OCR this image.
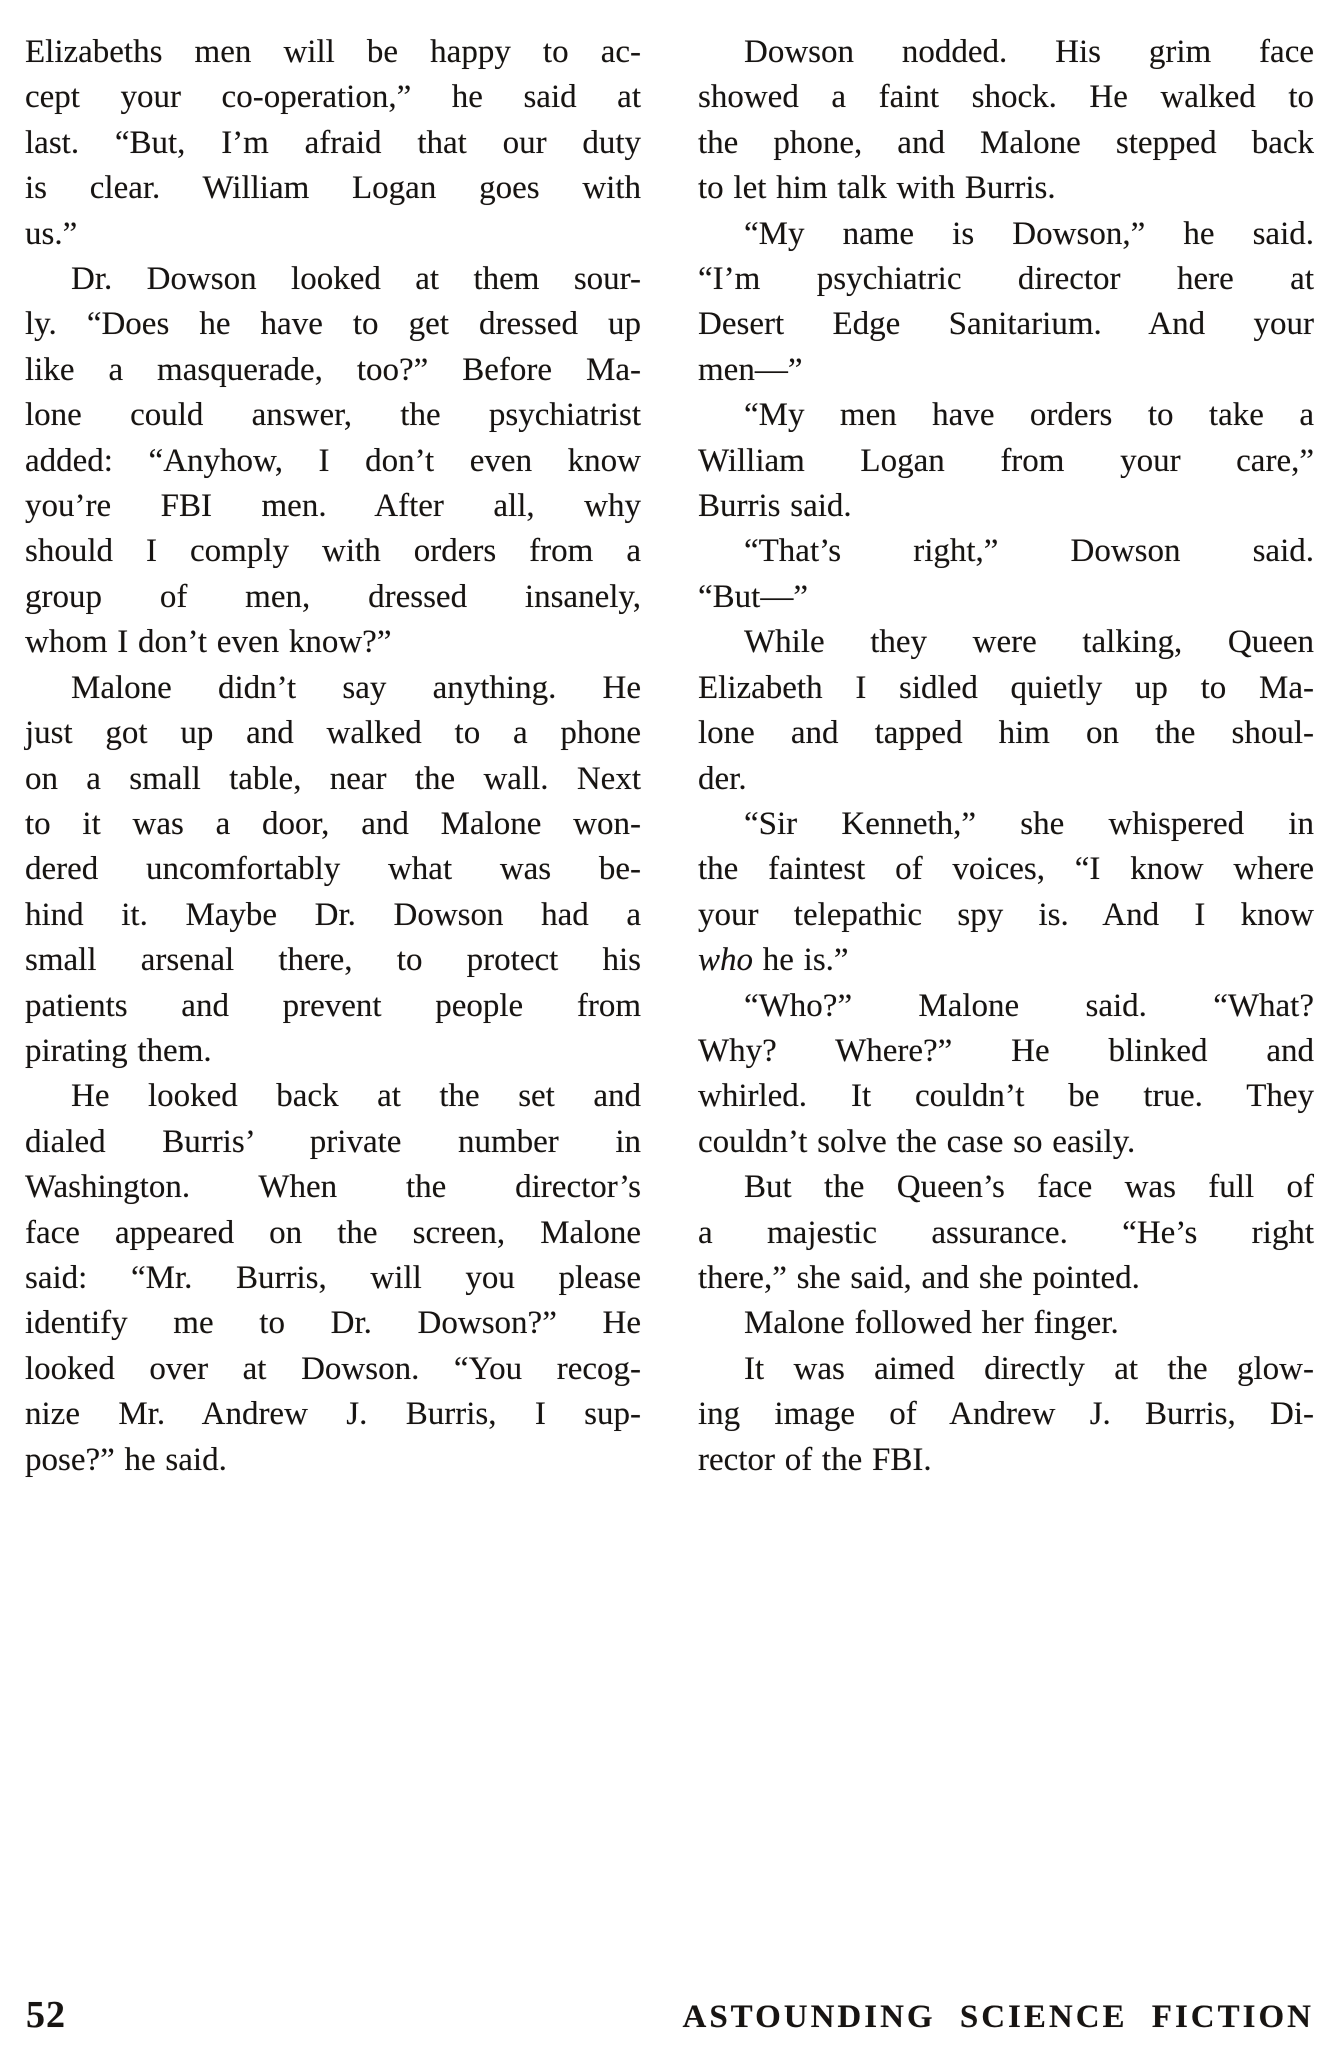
Elizabeths men will be happy to ac-
cept your co-operation,” he said at
last. “But, I’m afraid that our duty
is clear. William Logan goes with
us.”
Dr. Dowson looked at them sour-
ly. “Does he have to get dressed up
like a masquerade, too?” Before Ma-
lone could answer, the psychiatrist
added: “Anyhow, I don’t even know
you’re FBI men. After all, why
should I comply with orders from a
group of men, dressed insanely,
whom I don’t even know?”
Malone didn’t say anything. He
just got up and walked to a phone
on a small table, near the wall. Next
to it was a door, and Malone won-
dered uncomfortably what was be-
hind it. Maybe Dr. Dowson had a
small arsenal there, to protect his
patients and prevent people from
pirating them.
He looked back at the set and
dialed Burris’ private number in
Washington. When the director’s
face appeared on the screen, Malone
said: “Mr. Burris, will you please
identify me to Dr. Dowson?” He
looked over at Dowson. “You recog-
nize Mr. Andrew J. Burris, I sup-
pose?” he said.
Dowson nodded. His grim face
showed a faint shock. He walked to
the phone, and Malone stepped back
to let him talk with Burris.
“My name is Dowson,” he said.
“I’m psychiatric director here at
Desert Edge Sanitarium. And your
men—”
“My men have orders to take a
William Logan from your care,”
Burris said.
“That’s right,” Dowson said.
“But—”
While they were talking, Queen
Elizabeth I sidled quietly up to Ma-
lone and tapped him on the shoul-
der.
“Sir Kenneth,” she whispered in
the faintest of voices, “I know where
your telepathic spy is. And I know
who he is.”
“Who?” Malone said. “What?
Why? Where?” He blinked and
whirled. It couldn’t be true. They
couldn’t solve the case so easily.
But the Queen’s face was full of
a majestic assurance. “He’s right
there,” she said, and she pointed.
Malone followed her finger.
It was aimed directly at the glow-
ing image of Andrew J. Burris, Di-
rector of the FBI.
52	ASTOUNDING SCIENCE FICTION
